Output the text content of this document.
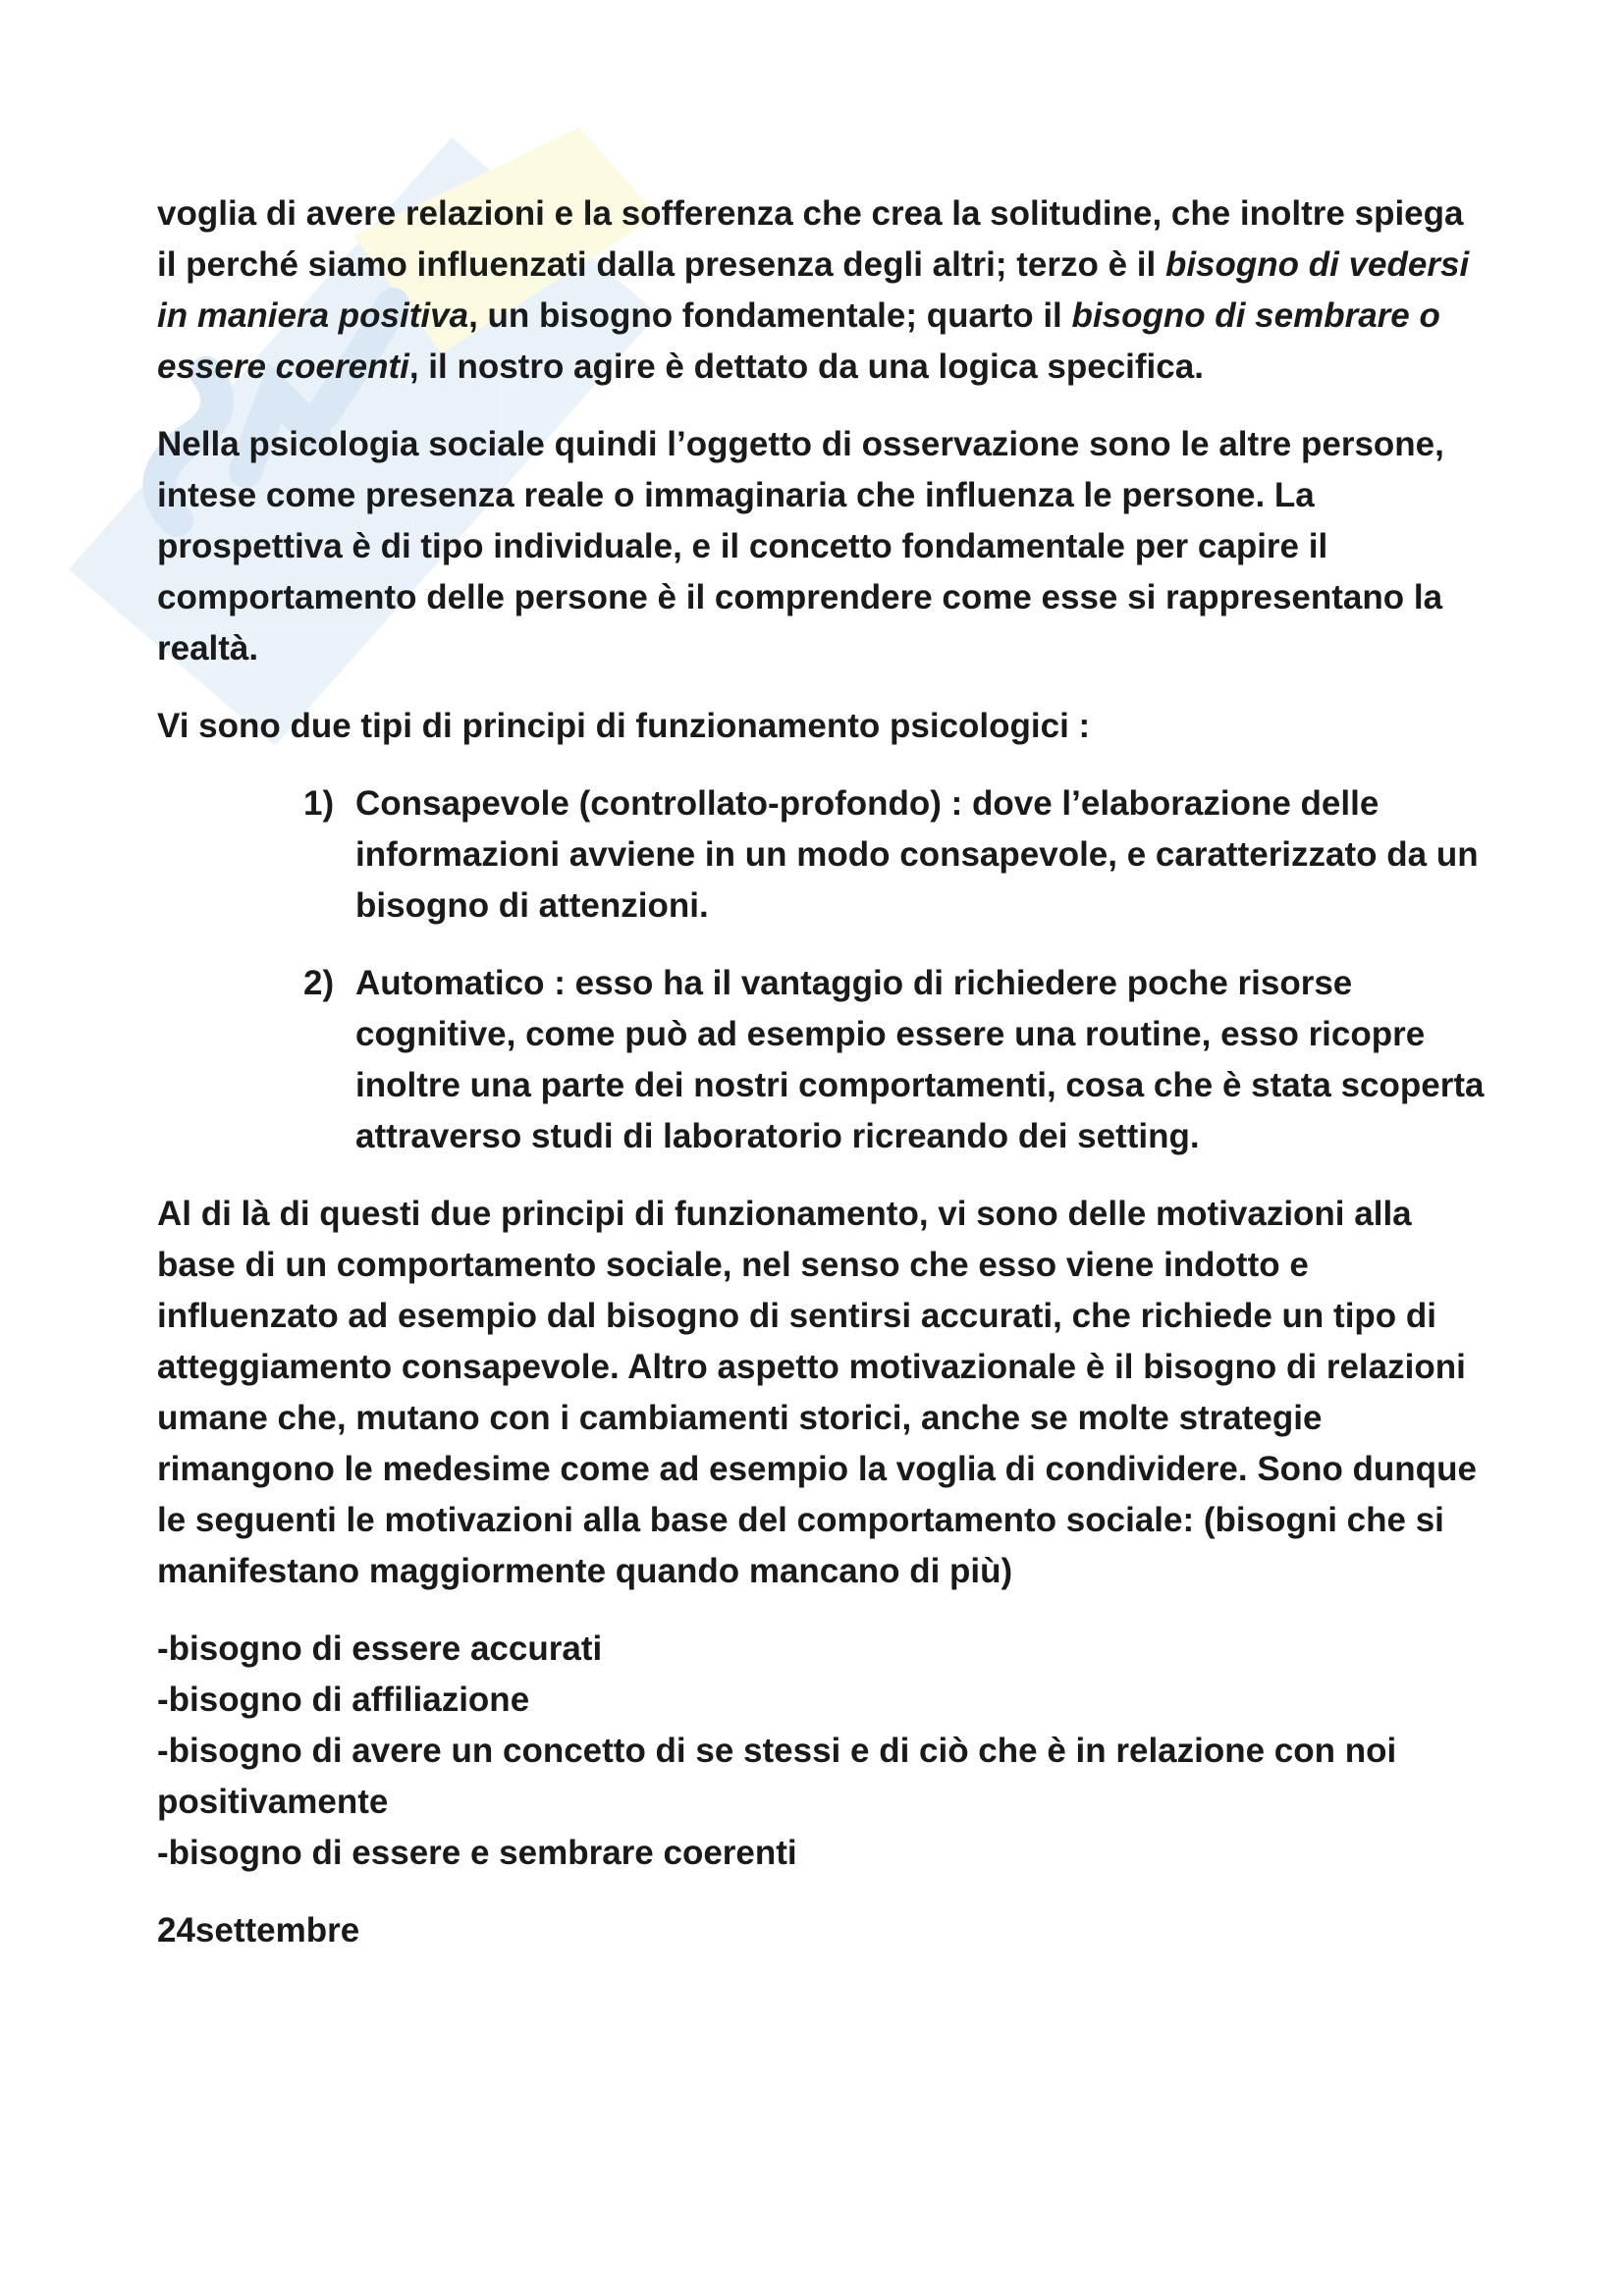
voglia di avere relazioni e la sofferenza che crea la solitudine, che inoltre spiega il perché siamo influenzati dalla presenza degli altri; terzo è il bisogno di vedersi in maniera positiva, un bisogno fondamentale; quarto il bisogno di sembrare o essere coerenti, il nostro agire è dettato da una logica specifica.

Nella psicologia sociale quindi l’oggetto di osservazione sono le altre persone, intese come presenza reale o immaginaria che influenza le persone. La prospettiva è di tipo individuale, e il concetto fondamentale per capire il comportamento delle persone è il comprendere come esse si rappresentano la realtà.

Vi sono due tipi di principi di funzionamento psicologici :

1) Consapevole (controllato-profondo) : dove l’elaborazione delle informazioni avviene in un modo consapevole, e caratterizzato da un bisogno di attenzioni.
2) Automatico : esso ha il vantaggio di richiedere poche risorse cognitive, come può ad esempio essere una routine, esso ricopre inoltre una parte dei nostri comportamenti, cosa che è stata scoperta attraverso studi di laboratorio ricreando dei setting.

Al di là di questi due principi di funzionamento, vi sono delle motivazioni alla base di un comportamento sociale, nel senso che esso viene indotto e influenzato ad esempio dal bisogno di sentirsi accurati, che richiede un tipo di atteggiamento consapevole. Altro aspetto motivazionale è il bisogno di relazioni umane che, mutano con i cambiamenti storici, anche se molte strategie rimangono le medesime come ad esempio la voglia di condividere. Sono dunque le seguenti le motivazioni alla base del comportamento sociale: (bisogni che si manifestano maggiormente quando mancano di più)

-bisogno di essere accurati
-bisogno di affiliazione
-bisogno di avere un concetto di se stessi e di ciò che è in relazione con noi positivamente
-bisogno di essere e sembrare coerenti

24settembre
